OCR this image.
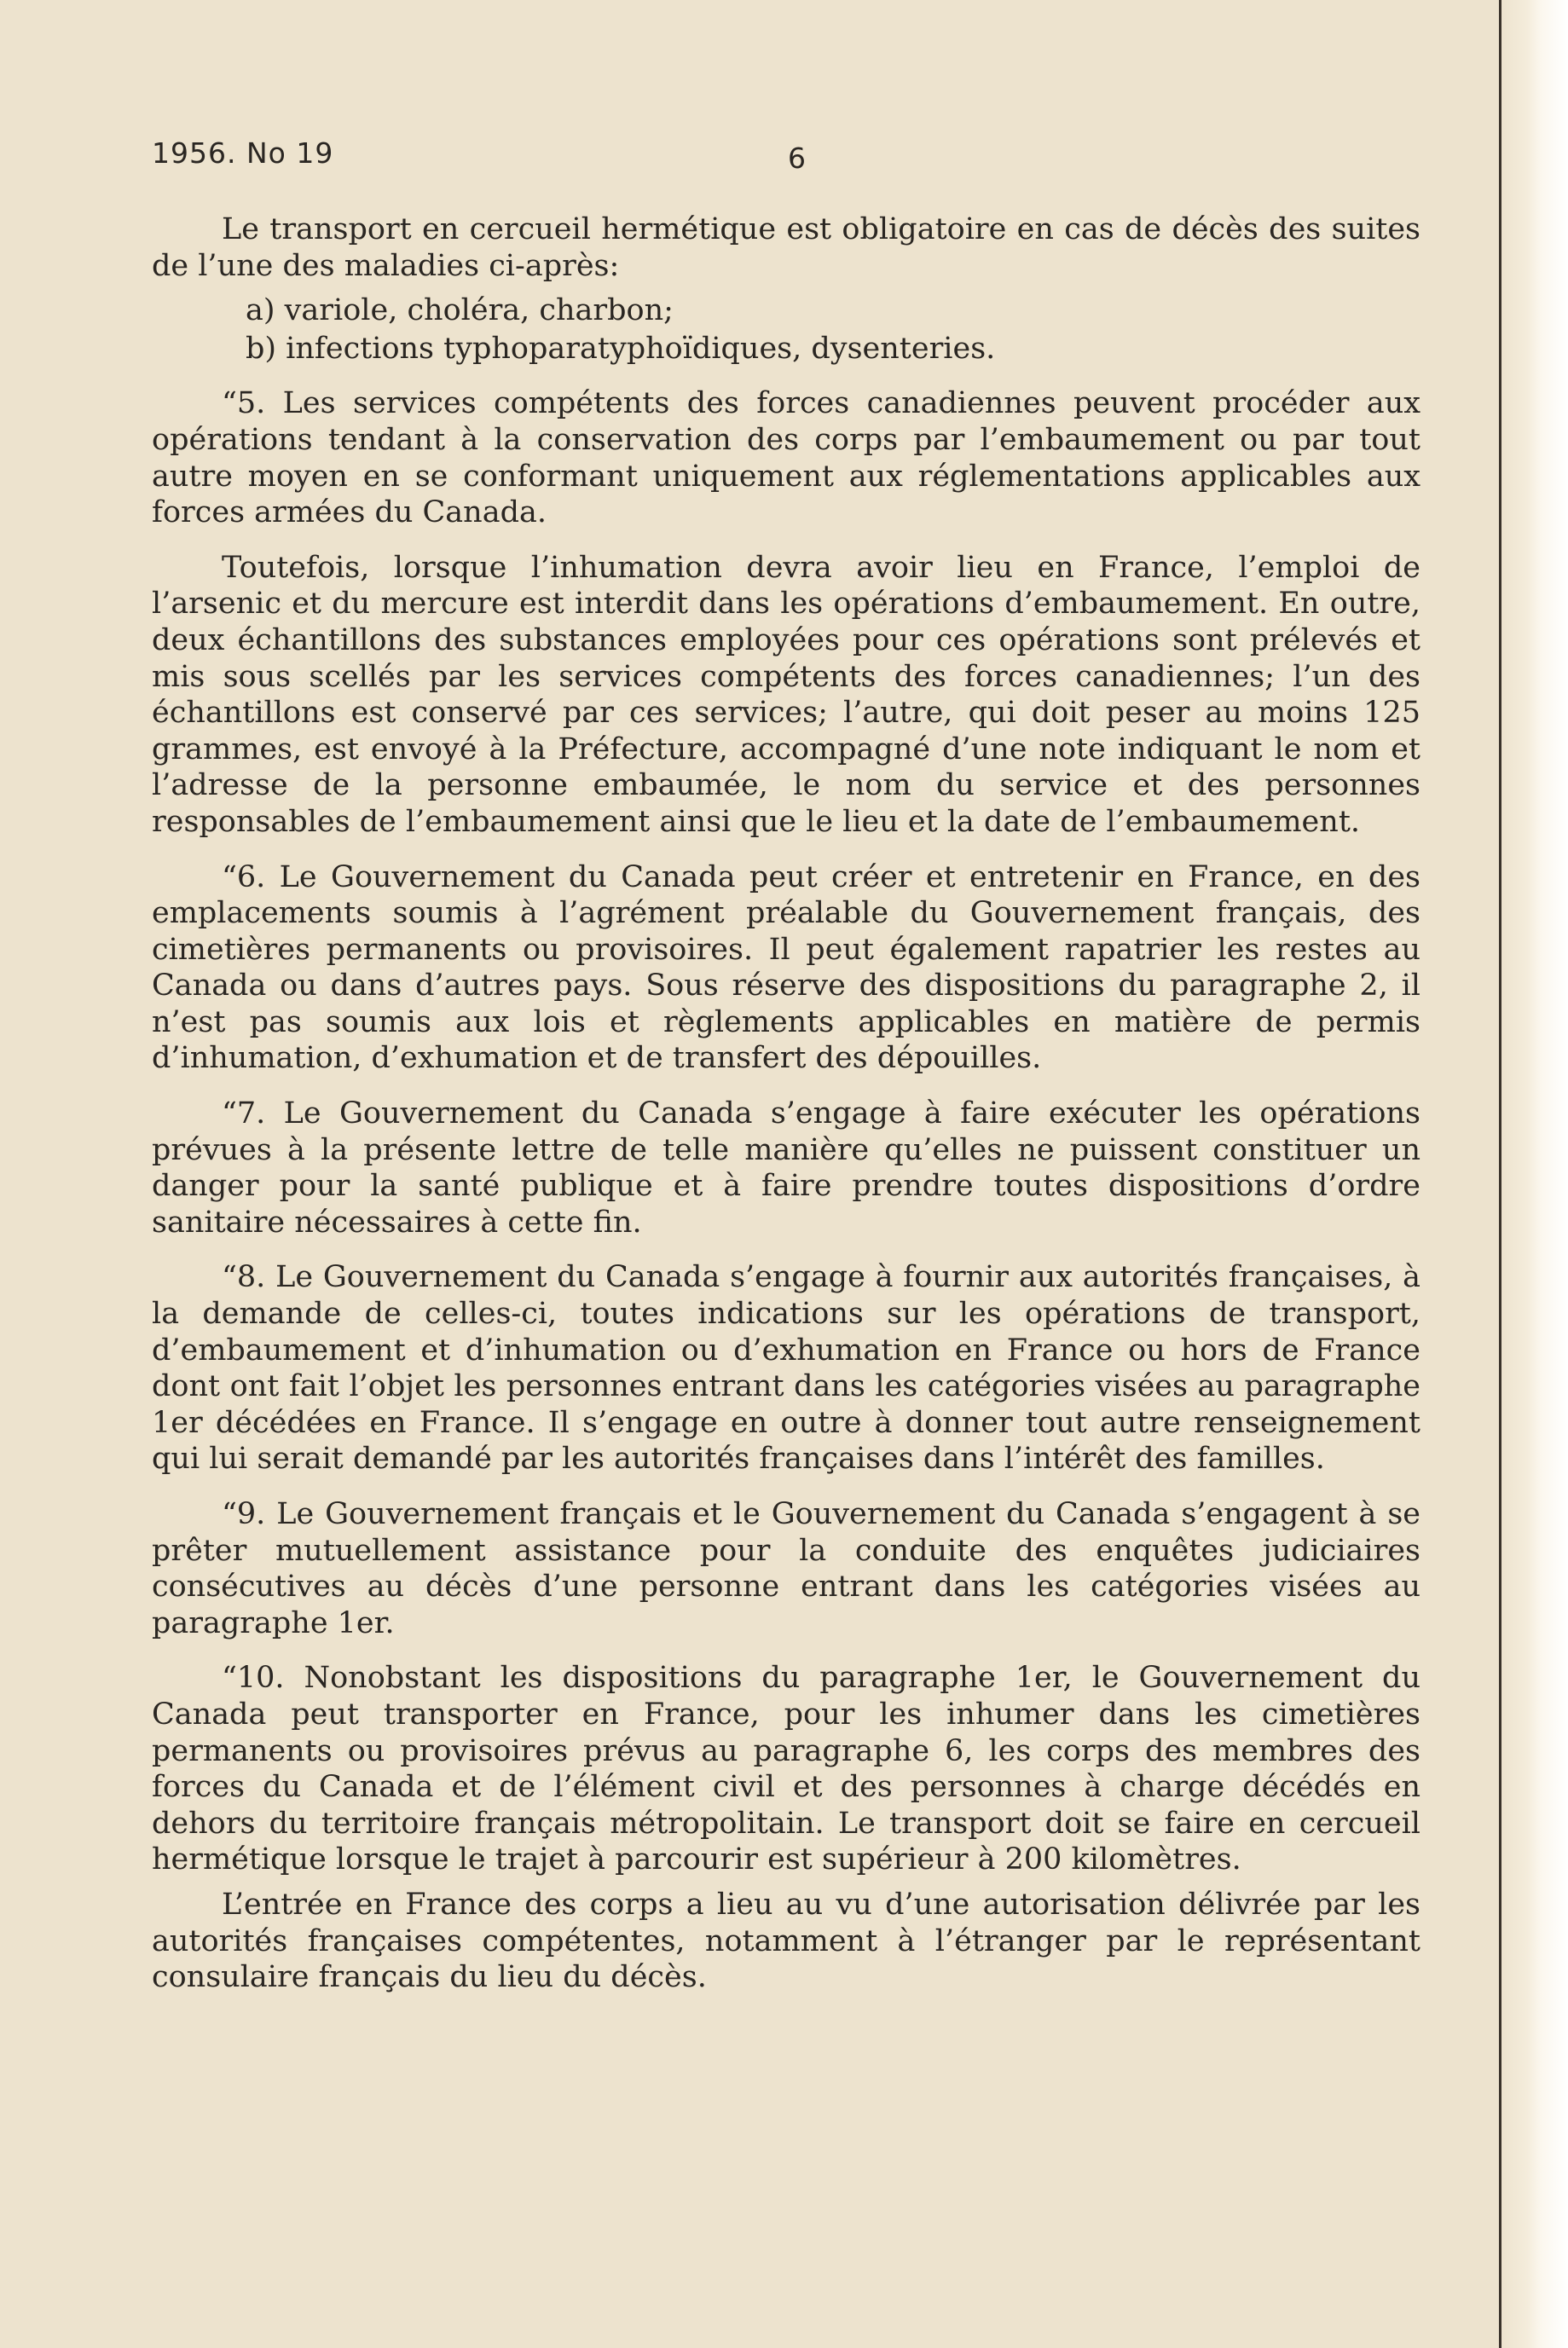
1956. No 19	6

Le transport en cercueil hermétique est obligatoire en cas de décès des suites de l’une des maladies ci-après:

a) variole, choléra, charbon;

b) infections typhoparatyphoïdiques, dysenteries.

“5. Les services compétents des forces canadiennes peuvent procéder aux opérations tendant à la conservation des corps par l’embaumement ou par tout autre moyen en se conformant uniquement aux réglementations applicables aux forces armées du Canada.

Toutefois, lorsque l’inhumation devra avoir lieu en France, l’emploi de l’arsenic et du mercure est interdit dans les opérations d’embaumement. En outre, deux échantillons des substances employées pour ces opérations sont prélevés et mis sous scellés par les services compétents des forces canadiennes; l’un des échantillons est conservé par ces services; l’autre, qui doit peser au moins 125 grammes, est envoyé à la Préfecture, accompagné d’une note indiquant le nom et l’adresse de la personne embaumée, le nom du service et des personnes responsables de l’embaumement ainsi que le lieu et la date de l’embaumement.

“6. Le Gouvernement du Canada peut créer et entretenir en France, en des emplacements soumis à l’agrément préalable du Gouvernement français, des cimetières permanents ou provisoires. Il peut également rapatrier les restes au Canada ou dans d’autres pays. Sous réserve des dispositions du paragraphe 2, il n’est pas soumis aux lois et règlements applicables en matière de permis d’inhumation, d’exhumation et de transfert des dépouilles.

“7. Le Gouvernement du Canada s’engage à faire exécuter les opérations prévues à la présente lettre de telle manière qu’elles ne puissent constituer un danger pour la santé publique et à faire prendre toutes dispositions d’ordre sanitaire nécessaires à cette fin.

“8. Le Gouvernement du Canada s’engage à fournir aux autorités françaises, à la demande de celles-ci, toutes indications sur les opérations de transport, d’embaumement et d’inhumation ou d’exhumation en France ou hors de France dont ont fait l’objet les personnes entrant dans les catégories visées au paragraphe 1er décédées en France. Il s’engage en outre à donner tout autre renseignement qui lui serait demandé par les autorités françaises dans l’intérêt des familles.

“9. Le Gouvernement français et le Gouvernement du Canada s’engagent à se prêter mutuellement assistance pour la conduite des enquêtes judiciaires consécutives au décès d’une personne entrant dans les catégories visées au paragraphe 1er.

“10. Nonobstant les dispositions du paragraphe 1er, le Gouvernement du Canada peut transporter en France, pour les inhumer dans les cimetières permanents ou provisoires prévus au paragraphe 6, les corps des membres des forces du Canada et de l’élément civil et des personnes à charge décédés en dehors du territoire français métropolitain. Le transport doit se faire en cercueil hermétique lorsque le trajet à parcourir est supérieur à 200 kilomètres.

L’entrée en France des corps a lieu au vu d’une autorisation délivrée par les autorités françaises compétentes, notamment à l’étranger par le représentant consulaire français du lieu du décès.
